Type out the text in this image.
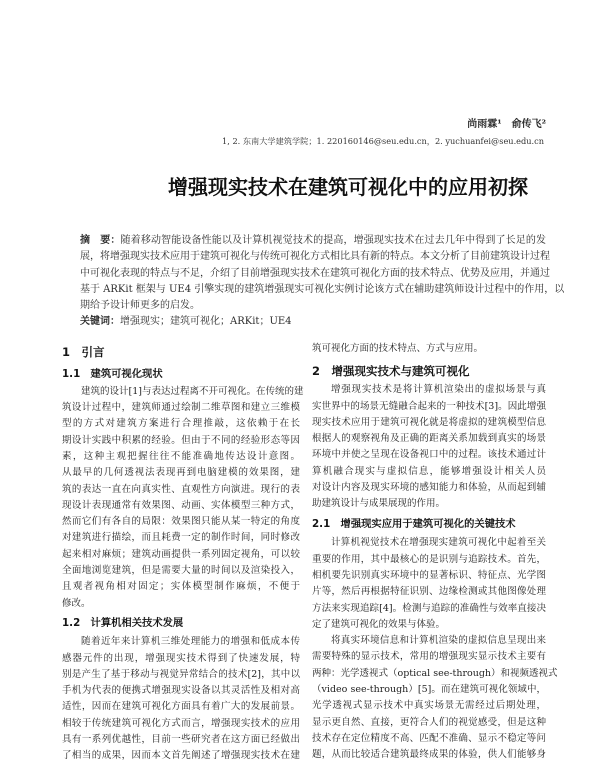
尚雨霖¹　俞传飞²
1, 2. 东南大学建筑学院；1. 220160146@seu.edu.cn，2. yuchuanfei@seu.edu.cn
增强现实技术在建筑可视化中的应用初探
摘　要：随着移动智能设备性能以及计算机视觉技术的提高，增强现实技术在过去几年中得到了长足的发
展，将增强现实技术应用于建筑可视化与传统可视化方式相比具有新的特点。本文分析了目前建筑设计过程
中可视化表现的特点与不足，介绍了目前增强现实技术在建筑可视化方面的技术特点、优势及应用，并通过
基于 ARKit 框架与 UE4 引擎实现的建筑增强现实可视化实例讨论该方式在辅助建筑师设计过程中的作用，以
期给予设计师更多的启发。
关键词：增强现实；建筑可视化；ARKit；UE4
1　引言
1.1　建筑可视化现状
建筑的设计[1]与表达过程离不开可视化。在传统的建
筑设计过程中，建筑师通过绘制二维草图和建立三维模
型的方式对建筑方案进行合理推敲，这依赖于在长
期设计实践中积累的经验。但由于不同的经验形态等因
素，这种主观把握往往不能准确地传达设计意图。
从最早的几何透视法表现再到电脑建模的效果图，建
筑的表达一直在向真实性、直观性方向演进。现行的表
现设计表现通常有效果图、动画、实体模型三种方式，
然而它们有各自的局限：效果图只能从某一特定的角度
对建筑进行描绘，而且耗费一定的制作时间，同时修改
起来相对麻烦；建筑动画提供一系列固定视角，可以较
全面地浏览建筑，但是需要大量的时间以及渲染投入，
且观者视角相对固定；实体模型制作麻烦，不便于
修改。
1.2　计算机相关技术发展
随着近年来计算机三维处理能力的增强和低成本传
感器元件的出现，增强现实技术得到了快速发展，特
别是产生了基于移动与视觉异常结合的技术[2]，其中以
手机为代表的便携式增强现实设备以其灵活性及相对高
适性，因而在建筑可视化方面具有着广大的发展前景。
相较于传统建筑可视化方式而言，增强现实技术的应用
具有一系列优越性，目前一些研究者在这方面已经做出
了相当的成果，因而本文首先阐述了增强现实技术在建
筑可视化方面的技术特点、方式与应用。
2　增强现实技术与建筑可视化
增强现实技术是将计算机渲染出的虚拟场景与真
实世界中的场景无缝融合起来的一种技术[3]。因此增强
现实技术应用于建筑可视化就是将虚拟的建筑模型信息
根据人的观察视角及正确的距离关系加载到真实的场景
环境中并使之呈现在设备视口中的过程。该技术通过计
算机融合现实与虚拟信息，能够增强设计相关人员
对设计内容及现实环境的感知能力和体验，从而起到辅
助建筑设计与成果展现的作用。
2.1　增强现实应用于建筑可视化的关键技术
计算机视觉技术在增强现实建筑可视化中起着至关
重要的作用，其中最核心的是识别与追踪技术。首先，
相机要先识别真实环境中的显著标识、特征点、光学图
片等，然后再根据特征识别、边缘检测或其他图像处理
方法来实现追踪[4]。检测与追踪的准确性与效率直接决
定了建筑可视化的效果与体验。
将真实环境信息和计算机渲染的虚拟信息呈现出来
需要特殊的显示技术，常用的增强现实显示技术主要有
两种：光学透视式（optical see-through）和视频透视式
（video see-through）[5]。而在建筑可视化领域中，
光学透视式显示技术中真实场景无需经过后期处理，
显示更自然、直接，更符合人们的视觉感受，但是这种
技术存在定位精度不高、匹配不准确、显示不稳定等问
题，从而比较适合建筑最终成果的体验，供人们能够身
